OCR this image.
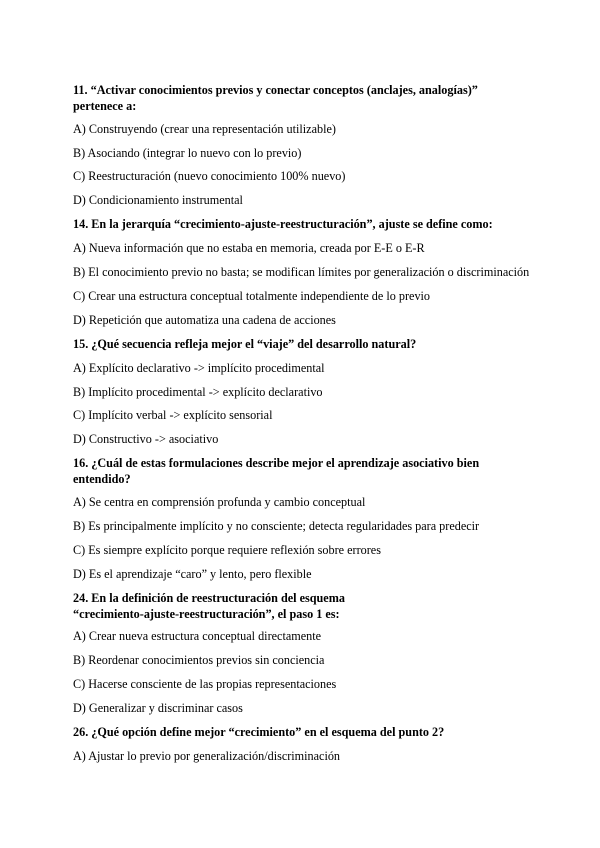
11. “Activar conocimientos previos y conectar conceptos (anclajes, analogías)” pertenece a:

A) Construyendo (crear una representación utilizable)
B) Asociando (integrar lo nuevo con lo previo)
C) Reestructuración (nuevo conocimiento 100% nuevo)
D) Condicionamiento instrumental

14. En la jerarquía “crecimiento-ajuste-reestructuración”, ajuste se define como:

A) Nueva información que no estaba en memoria, creada por E-E o E-R
B) El conocimiento previo no basta; se modifican límites por generalización o discriminación
C) Crear una estructura conceptual totalmente independiente de lo previo
D) Repetición que automatiza una cadena de acciones

15. ¿Qué secuencia refleja mejor el “viaje” del desarrollo natural?

A) Explícito declarativo -> implícito procedimental
B) Implícito procedimental -> explícito declarativo
C) Implícito verbal -> explícito sensorial
D) Constructivo -> asociativo

16. ¿Cuál de estas formulaciones describe mejor el aprendizaje asociativo bien entendido?

A) Se centra en comprensión profunda y cambio conceptual
B) Es principalmente implícito y no consciente; detecta regularidades para predecir
C) Es siempre explícito porque requiere reflexión sobre errores
D) Es el aprendizaje “caro” y lento, pero flexible

24. En la definición de reestructuración del esquema “crecimiento-ajuste-reestructuración”, el paso 1 es:

A) Crear nueva estructura conceptual directamente
B) Reordenar conocimientos previos sin conciencia
C) Hacerse consciente de las propias representaciones
D) Generalizar y discriminar casos

26. ¿Qué opción define mejor “crecimiento” en el esquema del punto 2?

A) Ajustar lo previo por generalización/discriminación
